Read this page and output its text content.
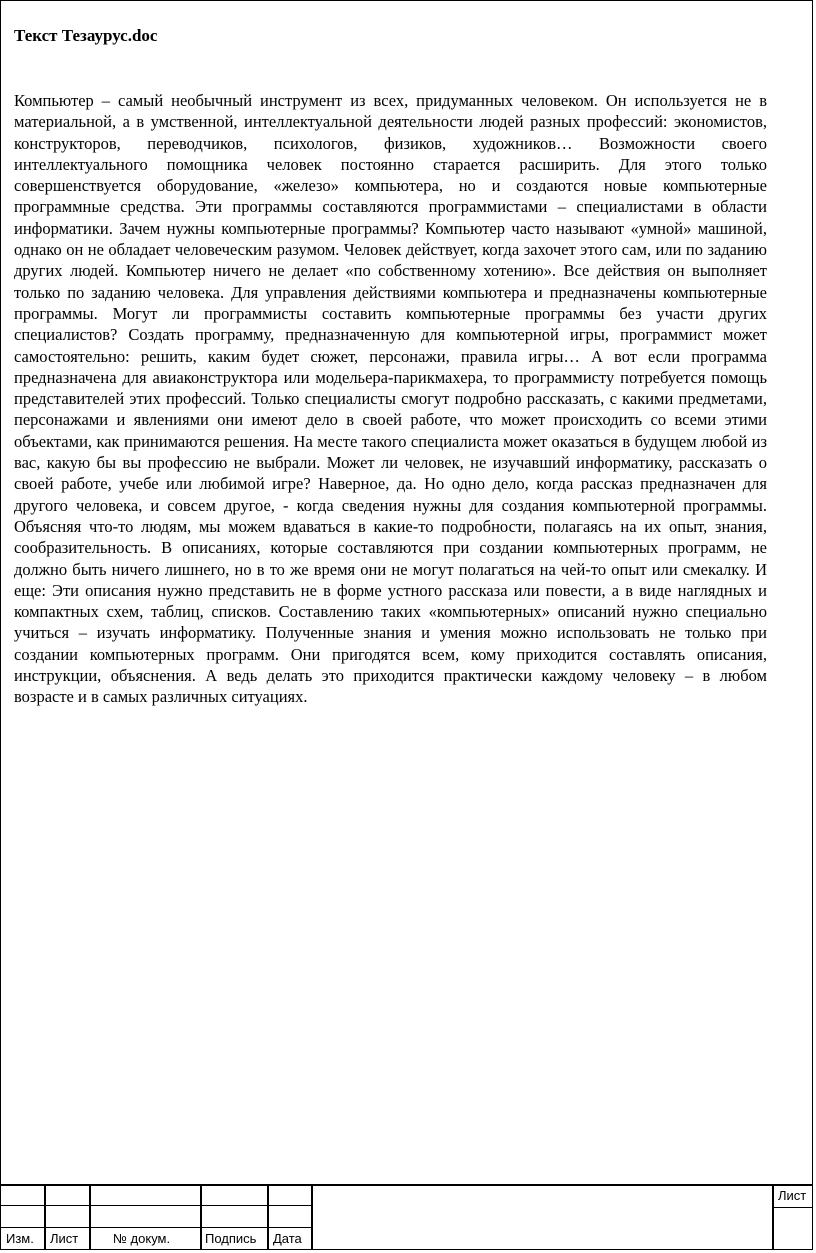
Текст Тезаурус.doc

Компьютер – самый необычный инструмент из всех, придуманных человеком. Он используется не в материальной, а в умственной, интеллектуальной деятельности людей разных профессий: экономистов, конструкторов, переводчиков, психологов, физиков, художников… Возможности своего интеллектуального помощника человек постоянно старается расширить. Для этого только совершенствуется оборудование, «железо» компьютера, но и создаются новые компьютерные программные средства. Эти программы составляются программистами – специалистами в области информатики. Зачем нужны компьютерные программы? Компьютер часто называют «умной» машиной, однако он не обладает человеческим разумом. Человек действует, когда захочет этого сам, или по заданию других людей. Компьютер ничего не делает «по собственному хотению». Все действия он выполняет только по заданию человека. Для управления действиями компьютера и предназначены компьютерные программы. Могут ли программисты составить компьютерные программы без участи других специалистов? Создать программу, предназначенную для компьютерной игры, программист может самостоятельно: решить, каким будет сюжет, персонажи, правила игры… А вот если программа предназначена для авиаконструктора или модельера-парикмахера, то программисту потребуется помощь представителей этих профессий. Только специалисты смогут подробно рассказать, с какими предметами, персонажами и явлениями они имеют дело в своей работе, что может происходить со всеми этими объектами, как принимаются решения. На месте такого специалиста может оказаться в будущем любой из вас, какую бы вы профессию не выбрали. Может ли человек, не изучавший информатику, рассказать о своей работе, учебе или любимой игре? Наверное, да. Но одно дело, когда рассказ предназначен для другого человека, и совсем другое, - когда сведения нужны для создания компьютерной программы. Объясняя что-то людям, мы можем вдаваться в какие-то подробности, полагаясь на их опыт, знания, сообразительность. В описаниях, которые составляются при создании компьютерных программ, не должно быть ничего лишнего, но в то же время они не могут полагаться на чей-то опыт или смекалку. И еще: Эти описания нужно представить не в форме устного рассказа или повести, а в виде наглядных и компактных схем, таблиц, списков. Составлению таких «компьютерных» описаний нужно специально учиться – изучать информатику. Полученные знания и умения можно использовать не только при создании компьютерных программ. Они пригодятся всем, кому приходится составлять описания, инструкции, объяснения. А ведь делать это приходится практически каждому человеку – в любом возрасте и в самых различных ситуациях.

Изм. Лист	№ докум.	Подпись Дата
Лист
